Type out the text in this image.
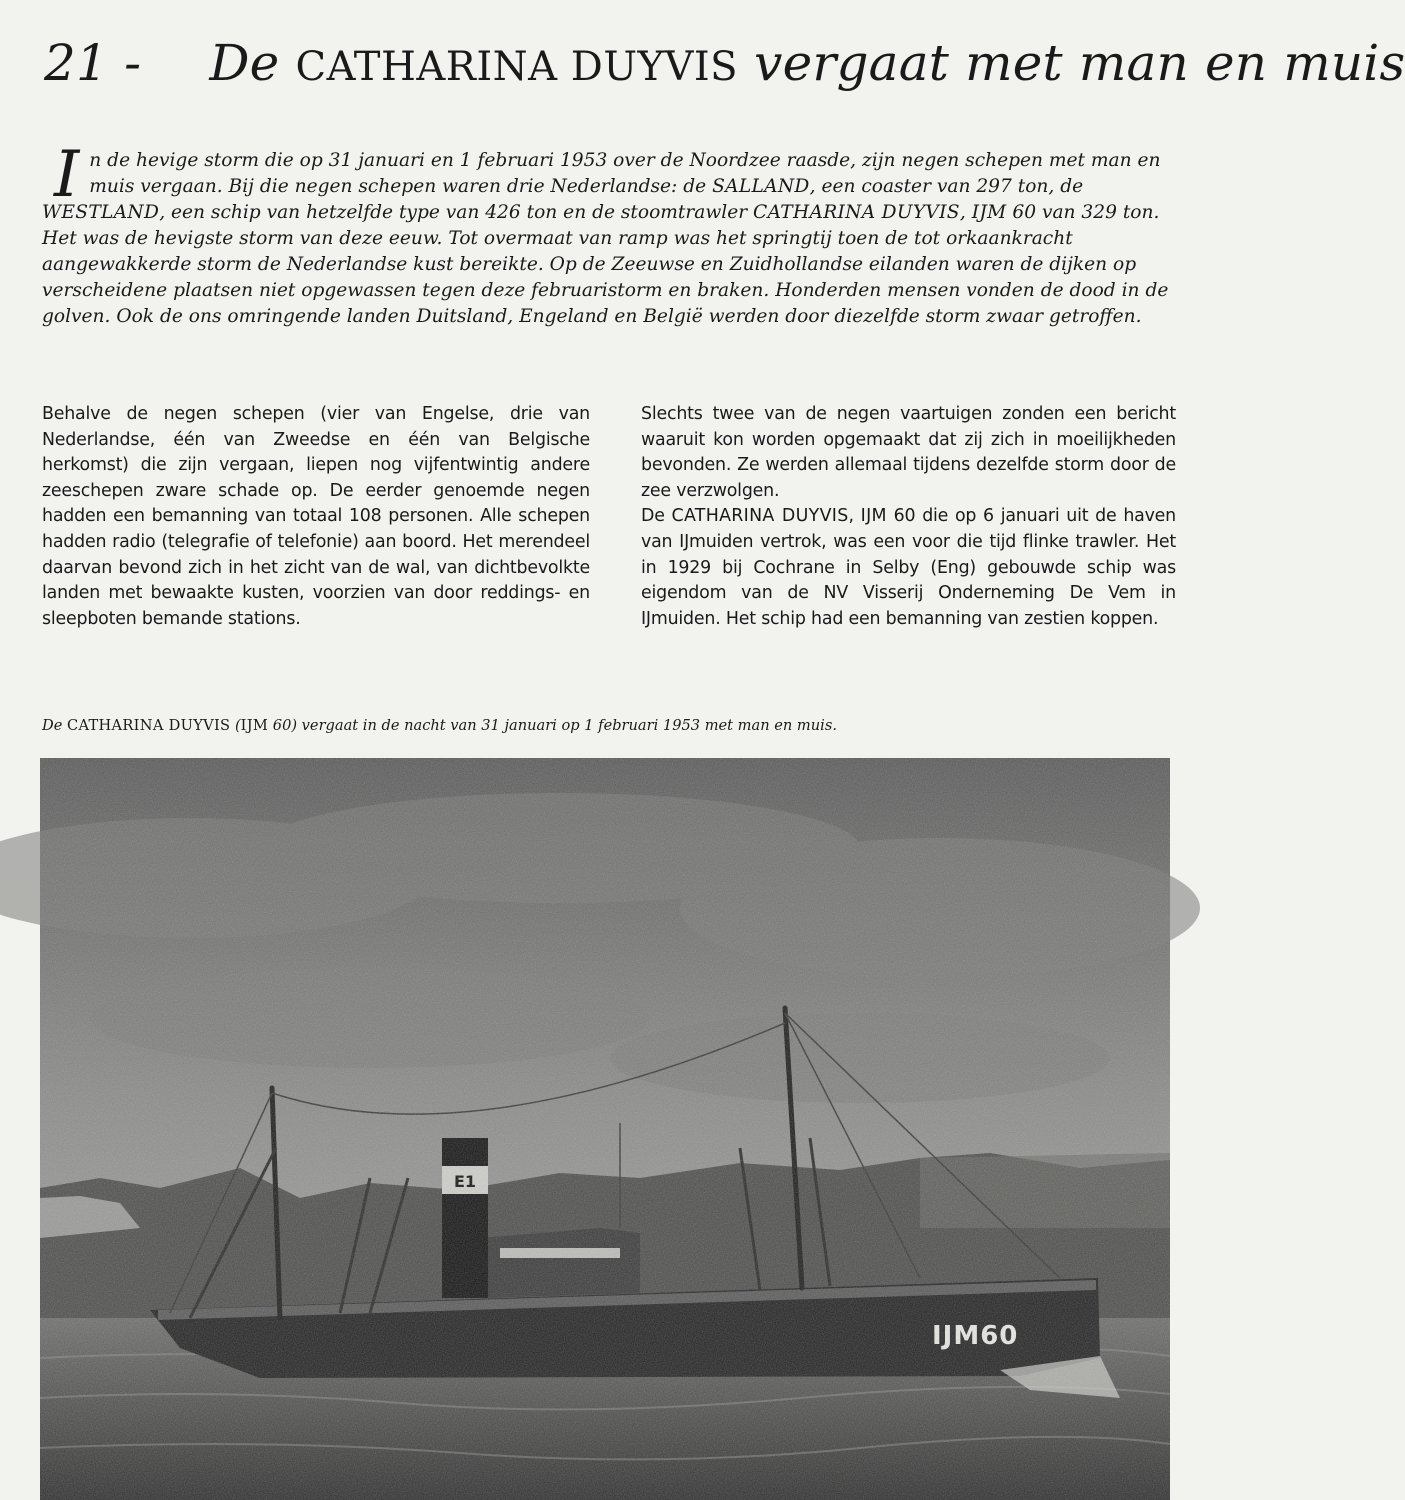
21 - De CATHARINA DUYVIS vergaat met man en muis

In de hevige storm die op 31 januari en 1 februari 1953 over de Noordzee raasde, zijn negen schepen met man en muis vergaan. Bij die negen schepen waren drie Nederlandse: de SALLAND, een coaster van 297 ton, de WESTLAND, een schip van hetzelfde type van 426 ton en de stoomtrawler CATHARINA DUYVIS, IJM 60 van 329 ton.

Het was de hevigste storm van deze eeuw. Tot overmaat van ramp was het springtij toen de tot orkaankracht aangewakkerde storm de Nederlandse kust bereikte. Op de Zeeuwse en Zuidhollandse eilanden waren de dijken op verscheidene plaatsen niet opgewassen tegen deze februaristorm en braken. Honderden mensen vonden de dood in de golven. Ook de ons omringende landen Duitsland, Engeland en België werden door diezelfde storm zwaar getroffen.

Behalve de negen schepen (vier van Engelse, drie van Nederlandse, één van Zweedse en één van Belgische herkomst) die zijn vergaan, liepen nog vijfentwintig andere zeeschepen zware schade op. De eerder genoemde negen hadden een bemanning van totaal 108 personen. Alle schepen hadden radio (telegrafie of telefonie) aan boord. Het merendeel daarvan bevond zich in het zicht van de wal, van dichtbevolkte landen met bewaakte kusten, voorzien van door reddings- en sleepboten bemande stations.

Slechts twee van de negen vaartuigen zonden een bericht waaruit kon worden opgemaakt dat zij zich in moeilijkheden bevonden. Ze werden allemaal tijdens dezelfde storm door de zee verzwolgen.

De CATHARINA DUYVIS, IJM 60 die op 6 januari uit de haven van IJmuiden vertrok, was een voor die tijd flinke trawler. Het in 1929 bij Cochrane in Selby (Eng) gebouwde schip was eigendom van de NV Visserij Onderneming De Vem in IJmuiden. Het schip had een bemanning van zestien koppen.

De CATHARINA DUYVIS (IJM 60) vergaat in de nacht van 31 januari op 1 februari 1953 met man en muis.
